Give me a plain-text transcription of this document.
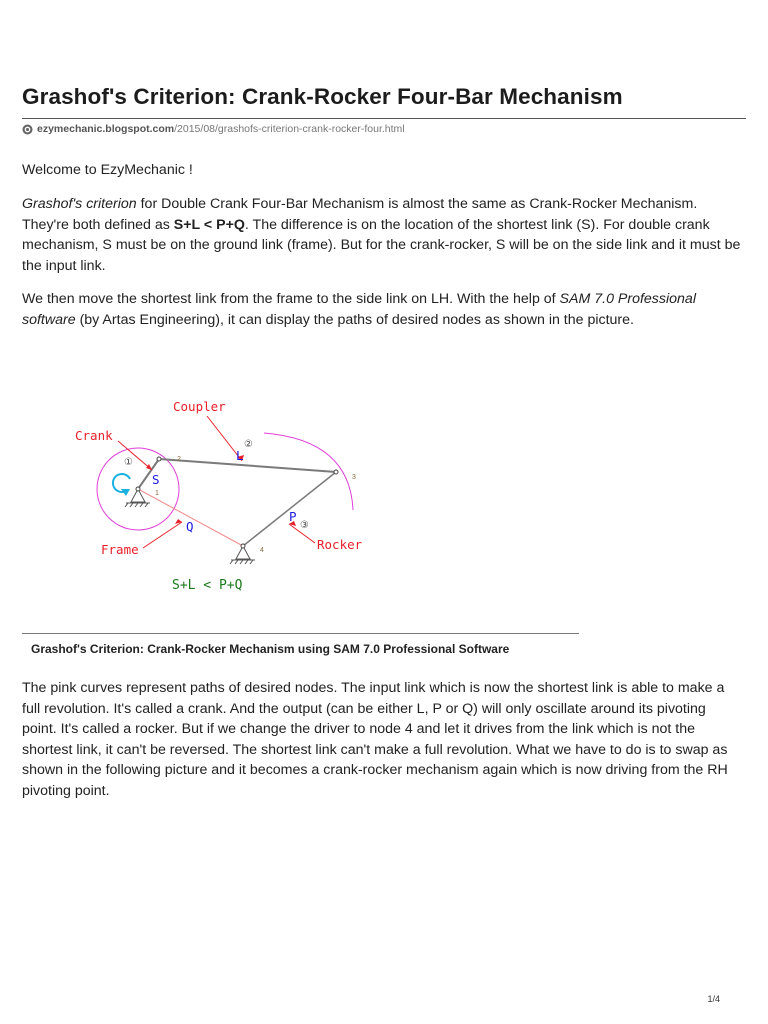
Grashof's Criterion: Crank-Rocker Four-Bar Mechanism
ezymechanic.blogspot.com /2015/08/grashofs-criterion-crank-rocker-four.html

Welcome to EzyMechanic !

Grashof's criterion for Double Crank Four-Bar Mechanism is almost the same as Crank-Rocker Mechanism. They're both defined as S+L < P+Q. The difference is on the location of the shortest link (S). For double crank mechanism, S must be on the ground link (frame). But for the crank-rocker, S will be on the side link and it must be the input link.

We then move the shortest link from the frame to the side link on LH. With the help of SAM 7.0 Professional software (by Artas Engineering), it can display the paths of desired nodes as shown in the picture.

Coupler
Crank
Frame	Rocker
S
L
P
Q
①
②
③
1
2
3
4
S+L < P+Q
Grashof's Criterion: Crank-Rocker Mechanism using SAM 7.0 Professional Software

The pink curves represent paths of desired nodes. The input link which is now the shortest link is able to make a full revolution. It's called a crank. And the output (can be either L, P or Q) will only oscillate around its pivoting point. It's called a rocker. But if we change the driver to node 4 and let it drives from the link which is not the shortest link, it can't be reversed. The shortest link can't make a full revolution. What we have to do is to swap as shown in the following picture and it becomes a crank-rocker mechanism again which is now driving from the RH pivoting point.

1/4
